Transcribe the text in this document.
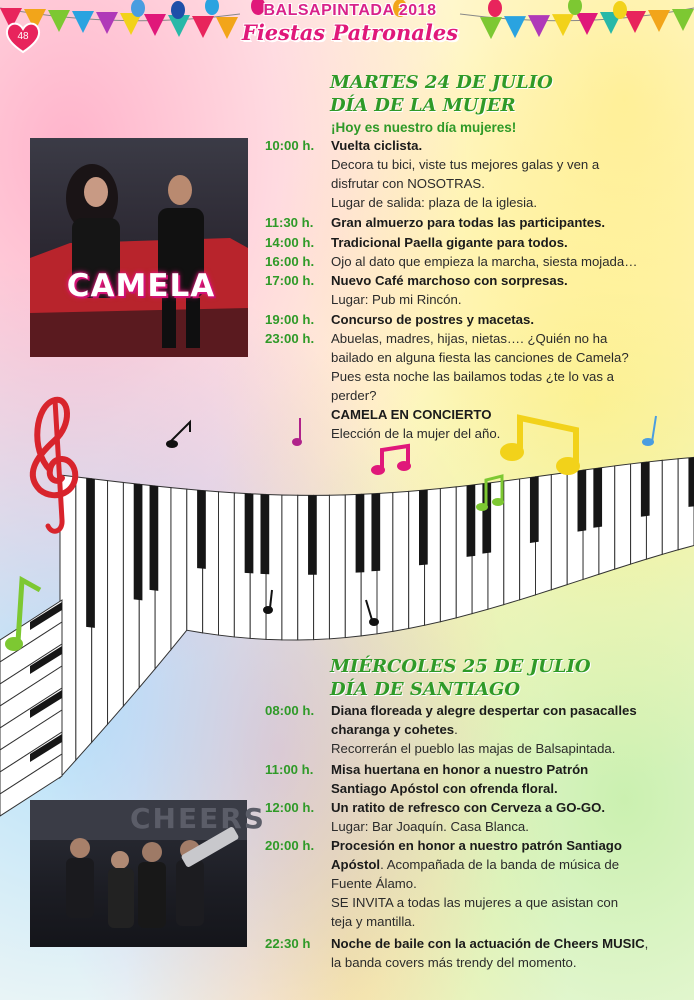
48
BALSAPINTADA 2018
Fiestas Patronales
MARTES 24 DE JULIO
DÍA DE LA MUJER
¡Hoy es nuestro día mujeres!
CAMELA
10:00 h. Vuelta ciclista.
Decora tu bici, viste tus mejores galas y ven a
disfrutar con NOSOTRAS.
Lugar de salida: plaza de la iglesia.
11:30 h. Gran almuerzo para todas las participantes.
14:00 h. Tradicional Paella gigante para todos.
16:00 h. Ojo al dato que empieza la marcha, siesta mojada…
17:00 h. Nuevo Café marchoso con sorpresas.
Lugar: Pub mi Rincón.
19:00 h. Concurso de postres y macetas.
23:00 h. Abuelas, madres, hijas, nietas…. ¿Quién no ha
bailado en alguna fiesta las canciones de Camela?
Pues esta noche las bailamos todas ¿te lo vas a
perder?
CAMELA EN CONCIERTO
Elección de la mujer del año.
MIÉRCOLES 25 DE JULIO
DÍA DE SANTIAGO
CHEERS
08:00 h. Diana floreada y alegre despertar con pasacalles
charanga y cohetes.
Recorrerán el pueblo las majas de Balsapintada.
11:00 h. Misa huertana en honor a nuestro Patrón
Santiago Apóstol con ofrenda floral.
12:00 h. Un ratito de refresco con Cerveza a GO-GO.
Lugar: Bar Joaquín. Casa Blanca.
20:00 h. Procesión en honor a nuestro patrón Santiago
Apóstol. Acompañada de la banda de música de
Fuente Álamo.
SE INVITA a todas las mujeres a que asistan con
teja y mantilla.
22:30 h Noche de baile con la actuación de Cheers MUSIC,
la banda covers más trendy del momento.
